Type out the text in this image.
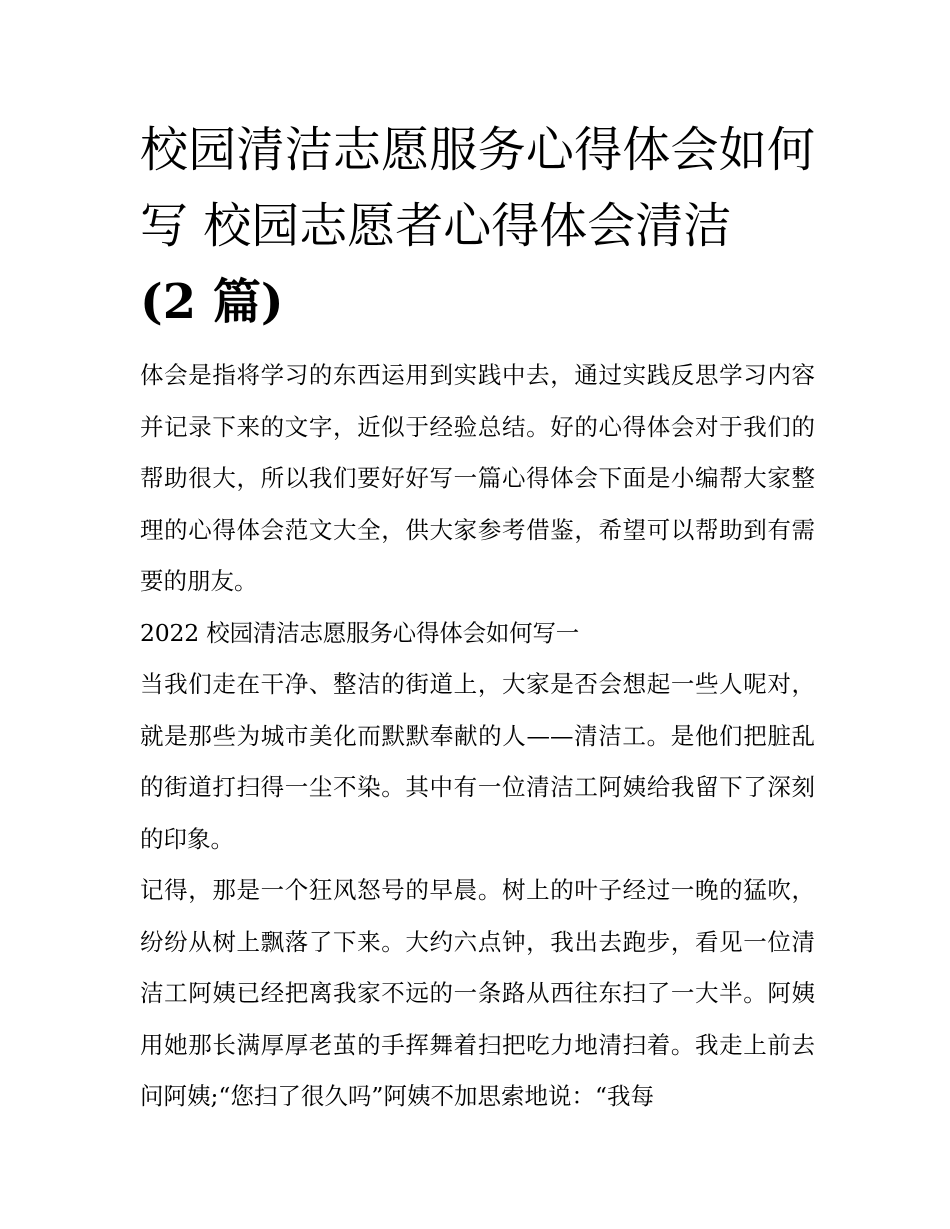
校园清洁志愿服务心得体会如何写 校园志愿者心得体会清洁
(2 篇)

体会是指将学习的东西运用到实践中去，通过实践反思学习内容并记录下来的文字，近似于经验总结。好的心得体会对于我们的帮助很大，所以我们要好好写一篇心得体会下面是小编帮大家整理的心得体会范文大全，供大家参考借鉴，希望可以帮助到有需要的朋友。

2022 校园清洁志愿服务心得体会如何写一

当我们走在干净、整洁的街道上，大家是否会想起一些人呢对，就是那些为城市美化而默默奉献的人——清洁工。是他们把脏乱的街道打扫得一尘不染。其中有一位清洁工阿姨给我留下了深刻的印象。

记得，那是一个狂风怒号的早晨。树上的叶子经过一晚的猛吹，纷纷从树上飘落了下来。大约六点钟，我出去跑步，看见一位清洁工阿姨已经把离我家不远的一条路从西往东扫了一大半。阿姨用她那长满厚厚老茧的手挥舞着扫把吃力地清扫着。我走上前去问阿姨;“您扫了很久吗”阿姨不加思索地说：“我每
